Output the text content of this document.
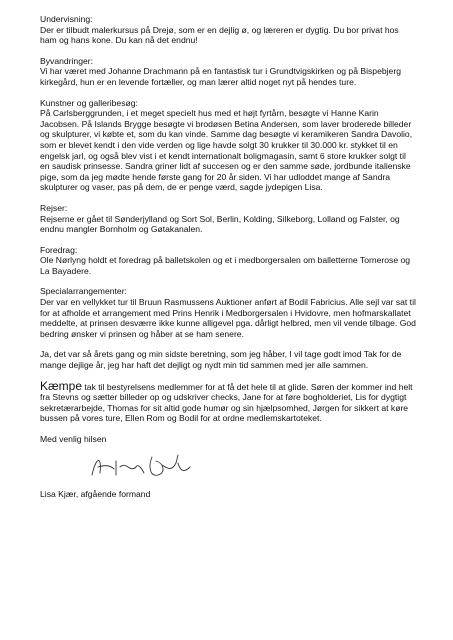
Undervisning:

Der er tilbudt malerkursus på Drejø, som er en dejlig ø, og læreren er dygtig. Du bor privat hos ham og hans kone. Du kan nå det endnu!

Byvandringer:

Vi har været med Johanne Drachmann på en fantastisk tur i Grundtvigskirken og på Bispebjerg kirkegård, hun er en levende fortæller, og man lærer altid noget nyt på hendes ture.

Kunstner og galleribesøg:

På Carlsberggrunden, i et meget specielt hus med et højt fyrtårn, besøgte vi Hanne Karin Jacobsen. På Islands Brygge besøgte vi brodøsen Betina Andersen, som laver broderede billeder og skulpturer, vi købte et, som du kan vinde. Samme dag besøgte vi keramikeren Sandra Davolio, som er blevet kendt i den vide verden og lige havde solgt 30 krukker til 30.000 kr. stykket til en engelsk jarl, og også blev vist i et kendt internationalt boligmagasin, samt 6 store krukker solgt til en saudisk prinsesse. Sandra griner lidt af succesen og er den samme søde, jordbunde italienske pige, som da jeg mødte hende første gang for 20 år siden. Vi har udloddet mange af Sandra skulpturer og vaser, pas på dem, de er penge værd, sagde jydepigen Lisa.

Rejser:

Rejserne er gået til Sønderjylland og Sort Sol, Berlin, Kolding, Silkeborg, Lolland og Falster, og endnu mangler Bornholm og Gøtakanalen.

Foredrag:

Ole Nørlyng holdt et foredrag på balletskolen og et i medborgersalen om balletterne Tornerose og La Bayadere.

Specialarrangementer:

Der var en vellykket tur til Bruun Rasmussens Auktioner anført af Bodil Fabricius. Alle sejl var sat til for at afholde et arrangement med Prins Henrik i Medborgersalen i Hvidovre, men hofmarskallatet meddelte, at prinsen desværre ikke kunne alligevel pga. dårligt helbred, men vil vende tilbage. God bedring ønsker vi prinsen og håber at se ham senere.

Ja, det var så årets gang og min sidste beretning, som jeg håber, I vil tage godt imod Tak for de mange dejlige år, jeg har haft det dejligt og nydt min tid sammen med jer alle sammen.

Kæmpe tak til bestyrelsens medlemmer for at få det hele til at glide. Søren der kommer ind helt fra Stevns og sætter billeder op og udskriver checks, Jane for at føre bogholderiet, Lis for dygtigt sekretærarbejde, Thomas for sit altid gode humør og sin hjælpsomhed, Jørgen for sikkert at køre bussen på vores ture, Ellen Rom og Bodil for at ordne medlemskartoteket.

Med venlig hilsen

Lisa Kjær, afgående formand
